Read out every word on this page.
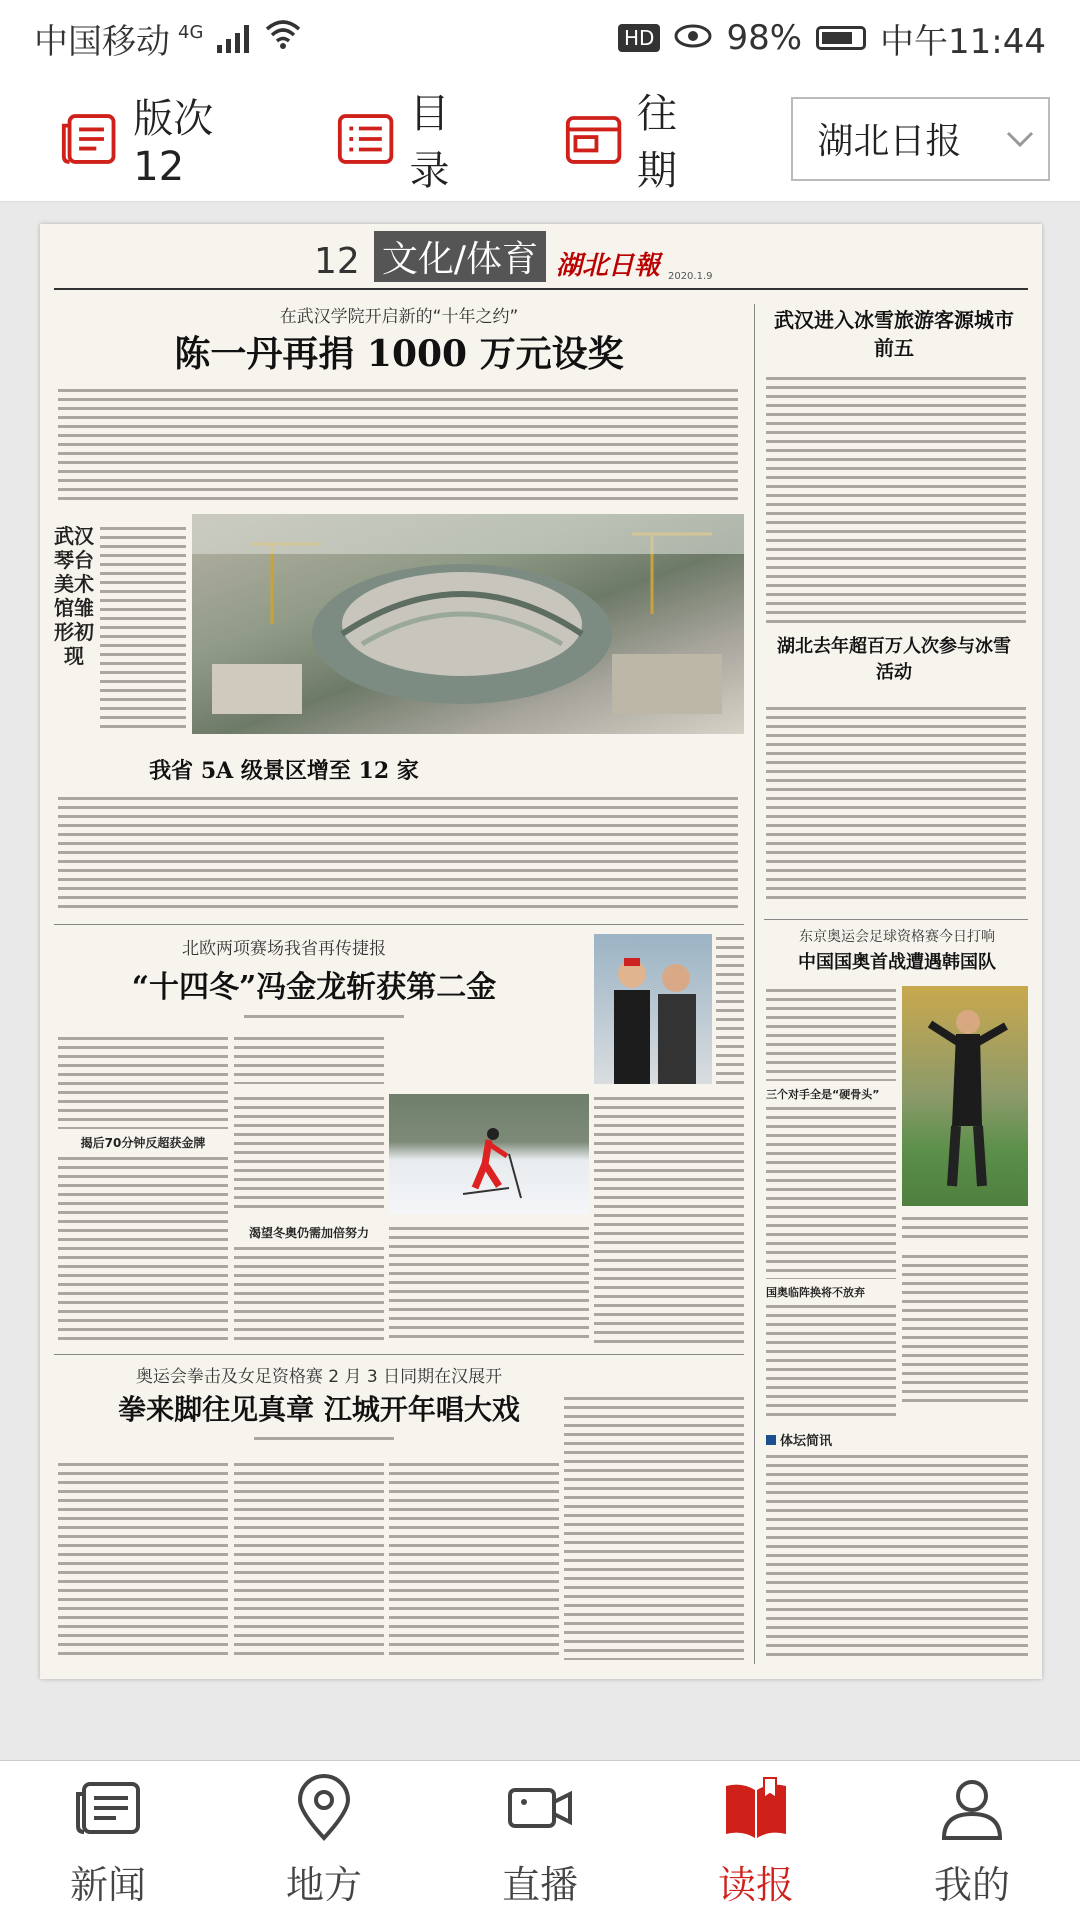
中国移动 4G	HD 98% 中午11:44
版次12
目录
往期
湖北日报
12 文化/体育 湖北日報 2020.1.9
在武汉学院开启新的“十年之约”
陈一丹再捐 1000 万元设奖
武汉琴台美术馆雏形初现
我省 5A 级景区增至 12 家
北欧两项赛场我省再传捷报
“十四冬”冯金龙斩获第二金
揭后70分钟反超获金牌
渴望冬奥仍需加倍努力
奥运会拳击及女足资格赛 2 月 3 日同期在汉展开
拳来脚往见真章 江城开年唱大戏
武汉进入冰雪旅游客源城市前五
湖北去年超百万人次参与冰雪活动
东京奥运会足球资格赛今日打响
中国国奥首战遭遇韩国队
三个对手全是“硬骨头”
国奥临阵换将不放弃
体坛简讯
新闻	地方	直播	读报	我的
